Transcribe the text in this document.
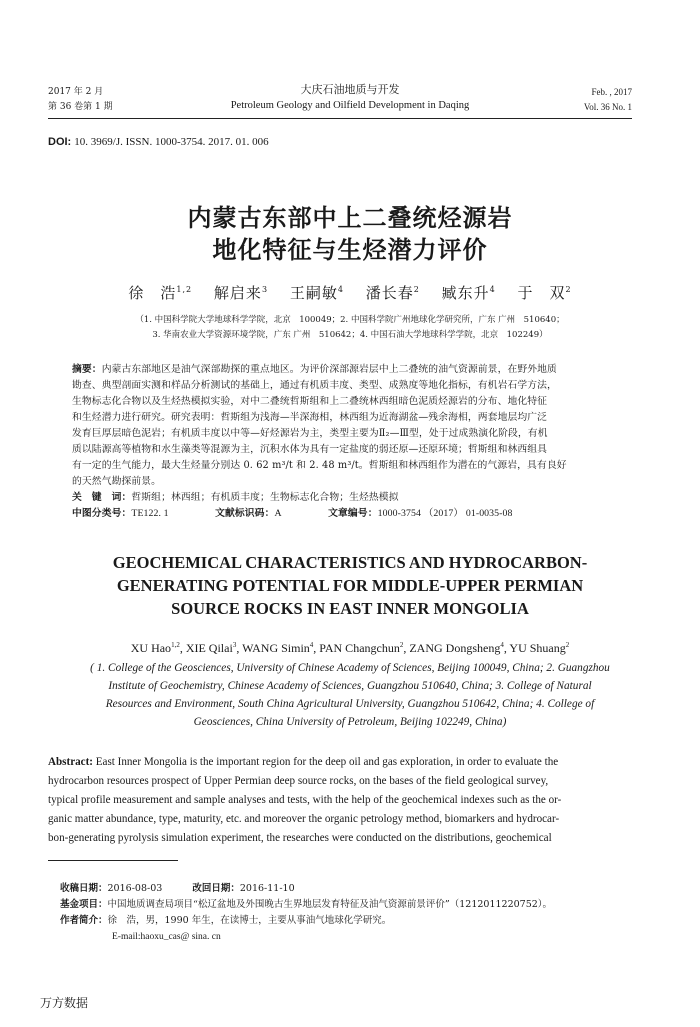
2017 年 2 月
第 36 卷第 1 期
大庆石油地质与开发
Petroleum Geology and Oilfield Development in Daqing
Feb. , 2017
Vol. 36 No. 1
DOI: 10. 3969/J. ISSN. 1000-3754. 2017. 01. 006
内蒙古东部中上二叠统烃源岩
地化特征与生烃潜力评价
徐　浩$^{1,2}$  解启来$^3$  王嗣敏$^4$  潘长春$^2$  臧东升$^4$  于　双$^2$
（1. 中国科学院大学地球科学学院，北京　100049；2. 中国科学院广州地球化学研究所，广东 广州　510640；
3. 华南农业大学资源环境学院，广东 广州　510642；4. 中国石油大学地球科学学院，北京　102249）
摘要：内蒙古东部地区是油气深部勘探的重点地区。为评价深部源岩层中上二叠统的油气资源前景，在野外地质
勘查、典型剖面实测和样品分析测试的基础上，通过有机质丰度、类型、成熟度等地化指标，有机岩石学方法，
生物标志化合物以及生烃热模拟实验，对中二叠统哲斯组和上二叠统林西组暗色泥质烃源岩的分布、地化特征
和生烃潜力进行研究。研究表明：哲斯组为浅海—半深海相，林西组为近海湖盆—残余海相，两套地层均广泛
发育巨厚层暗色泥岩；有机质丰度以中等—好烃源岩为主，类型主要为Ⅱ₂—Ⅲ型，处于过成熟演化阶段，有机
质以陆源高等植物和水生藻类等混源为主，沉积水体为具有一定盐度的弱还原—还原环境；哲斯组和林西组具
有一定的生气能力，最大生烃量分别达 0. 62 m³/t 和 2. 48 m³/t。哲斯组和林西组作为潜在的气源岩，具有良好
的天然气勘探前景。
关　键　词：哲斯组；林西组；有机质丰度；生物标志化合物；生烃热模拟
中图分类号：TE122. 1	文献标识码：A	文章编号：1000-3754 （2017） 01-0035-08
GEOCHEMICAL CHARACTERISTICS AND HYDROCARBON-
GENERATING POTENTIAL FOR MIDDLE-UPPER PERMIAN
SOURCE ROCKS IN EAST INNER MONGOLIA
XU Hao$^{1,2}$, XIE Qilai$^3$, WANG Simin$^4$, PAN Changchun$^2$, ZANG Dongsheng$^4$, YU Shuang$^2$
( 1. College of the Geosciences, University of Chinese Academy of Sciences, Beijing 100049, China; 2. Guangzhou
Institute of Geochemistry, Chinese Academy of Sciences, Guangzhou 510640, China; 3. College of Natural
Resources and Environment, South China Agricultural University, Guangzhou 510642, China; 4. College of
Geosciences, China University of Petroleum, Beijing 102249, China)
Abstract: East Inner Mongolia is the important region for the deep oil and gas exploration, in order to evaluate the
hydrocarbon resources prospect of Upper Permian deep source rocks, on the bases of the field geological survey,
typical profile measurement and sample analyses and tests, with the help of the geochemical indexes such as the or-
ganic matter abundance, type, maturity, etc. and moreover the organic petrology method, biomarkers and hydrocar-
bon-generating pyrolysis simulation experiment, the researches were conducted on the distributions, geochemical
收稿日期：2016-08-03	改回日期：2016-11-10
基金项目：中国地质调查局项目“松辽盆地及外围晚古生界地层发育特征及油气资源前景评价”（1212011220752）。
作者简介：徐　浩，男，1990 年生，在读博士，主要从事油气地球化学研究。
E-mail:haoxu_cas@ sina. cn
万方数据
